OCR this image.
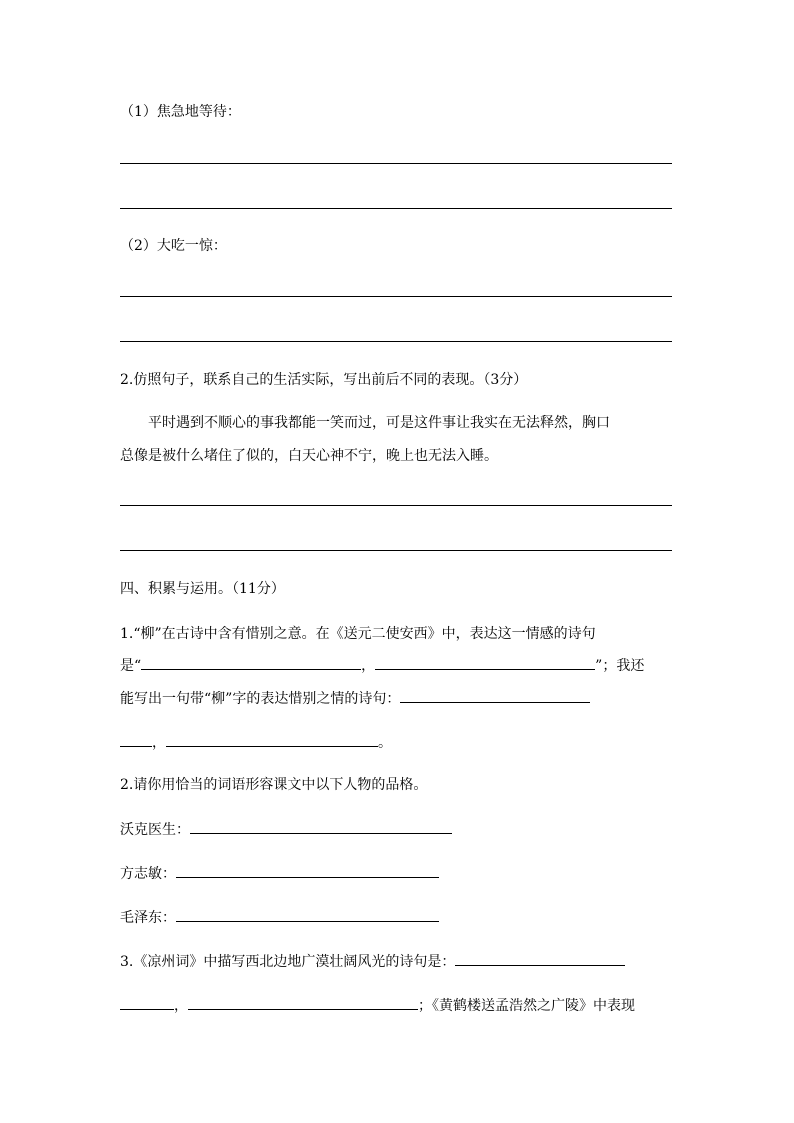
（1）焦急地等待：
（2）大吃一惊：
2.仿照句子，联系自己的生活实际，写出前后不同的表现。（3分）
平时遇到不顺心的事我都能一笑而过，可是这件事让我实在无法释然，胸口
总像是被什么堵住了似的，白天心神不宁，晚上也无法入睡。
四、积累与运用。（11分）
1.“柳”在古诗中含有惜别之意。在《送元二使安西》中，表达这一情感的诗句
是“	，	”；我还
能写出一句带“柳”字的表达惜别之情的诗句：
，	。
2.请你用恰当的词语形容课文中以下人物的品格。
沃克医生：
方志敏：
毛泽东：
3.《凉州词》中描写西北边地广漠壮阔风光的诗句是：
，	；《黄鹤楼送孟浩然之广陵》中表现
